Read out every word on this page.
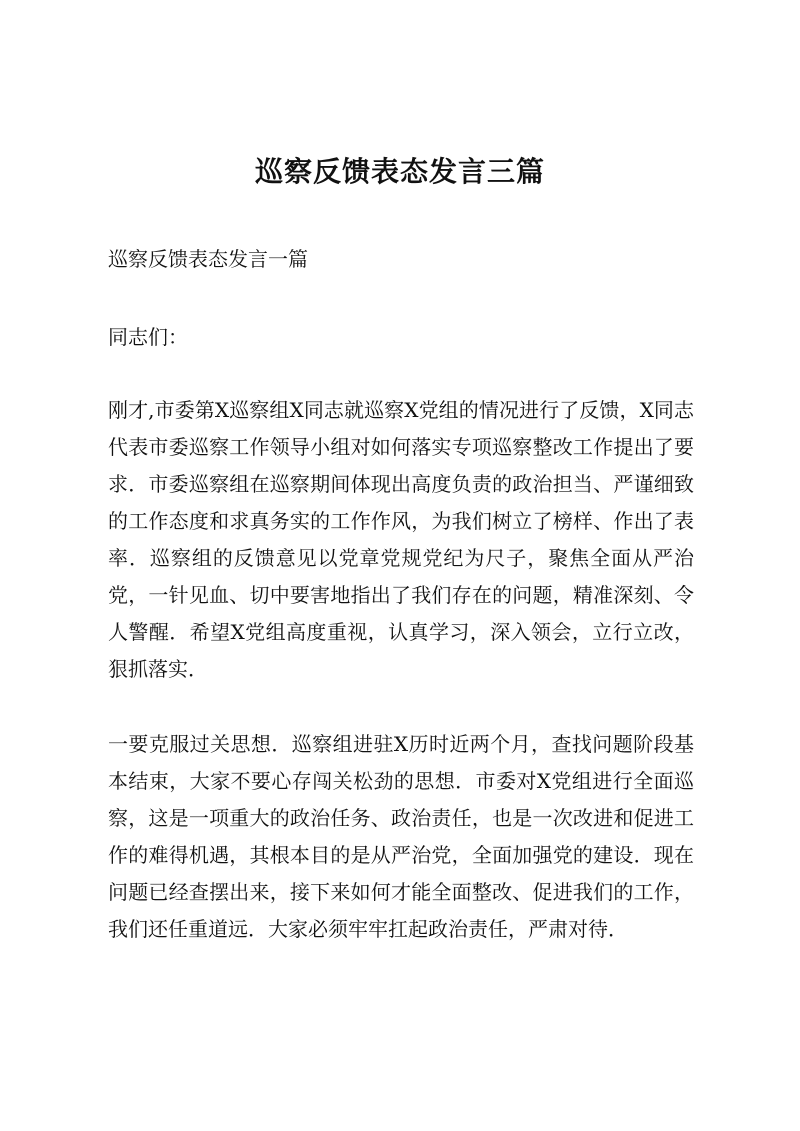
巡察反馈表态发言三篇

巡察反馈表态发言一篇

同志们：

刚才,市委第X巡察组X同志就巡察X党组的情况进行了反馈，X同志代表市委巡察工作领导小组对如何落实专项巡察整改工作提出了要求．市委巡察组在巡察期间体现出高度负责的政治担当、严谨细致的工作态度和求真务实的工作作风，为我们树立了榜样、作出了表率．巡察组的反馈意见以党章党规党纪为尺子，聚焦全面从严治党，一针见血、切中要害地指出了我们存在的问题，精准深刻、令人警醒．希望X党组高度重视，认真学习，深入领会，立行立改，狠抓落实．

一要克服过关思想．巡察组进驻X历时近两个月，查找问题阶段基本结束，大家不要心存闯关松劲的思想．市委对X党组进行全面巡察，这是一项重大的政治任务、政治责任，也是一次改进和促进工作的难得机遇，其根本目的是从严治党，全面加强党的建设．现在问题已经查摆出来，接下来如何才能全面整改、促进我们的工作，我们还任重道远．大家必须牢牢扛起政治责任，严肃对待．
